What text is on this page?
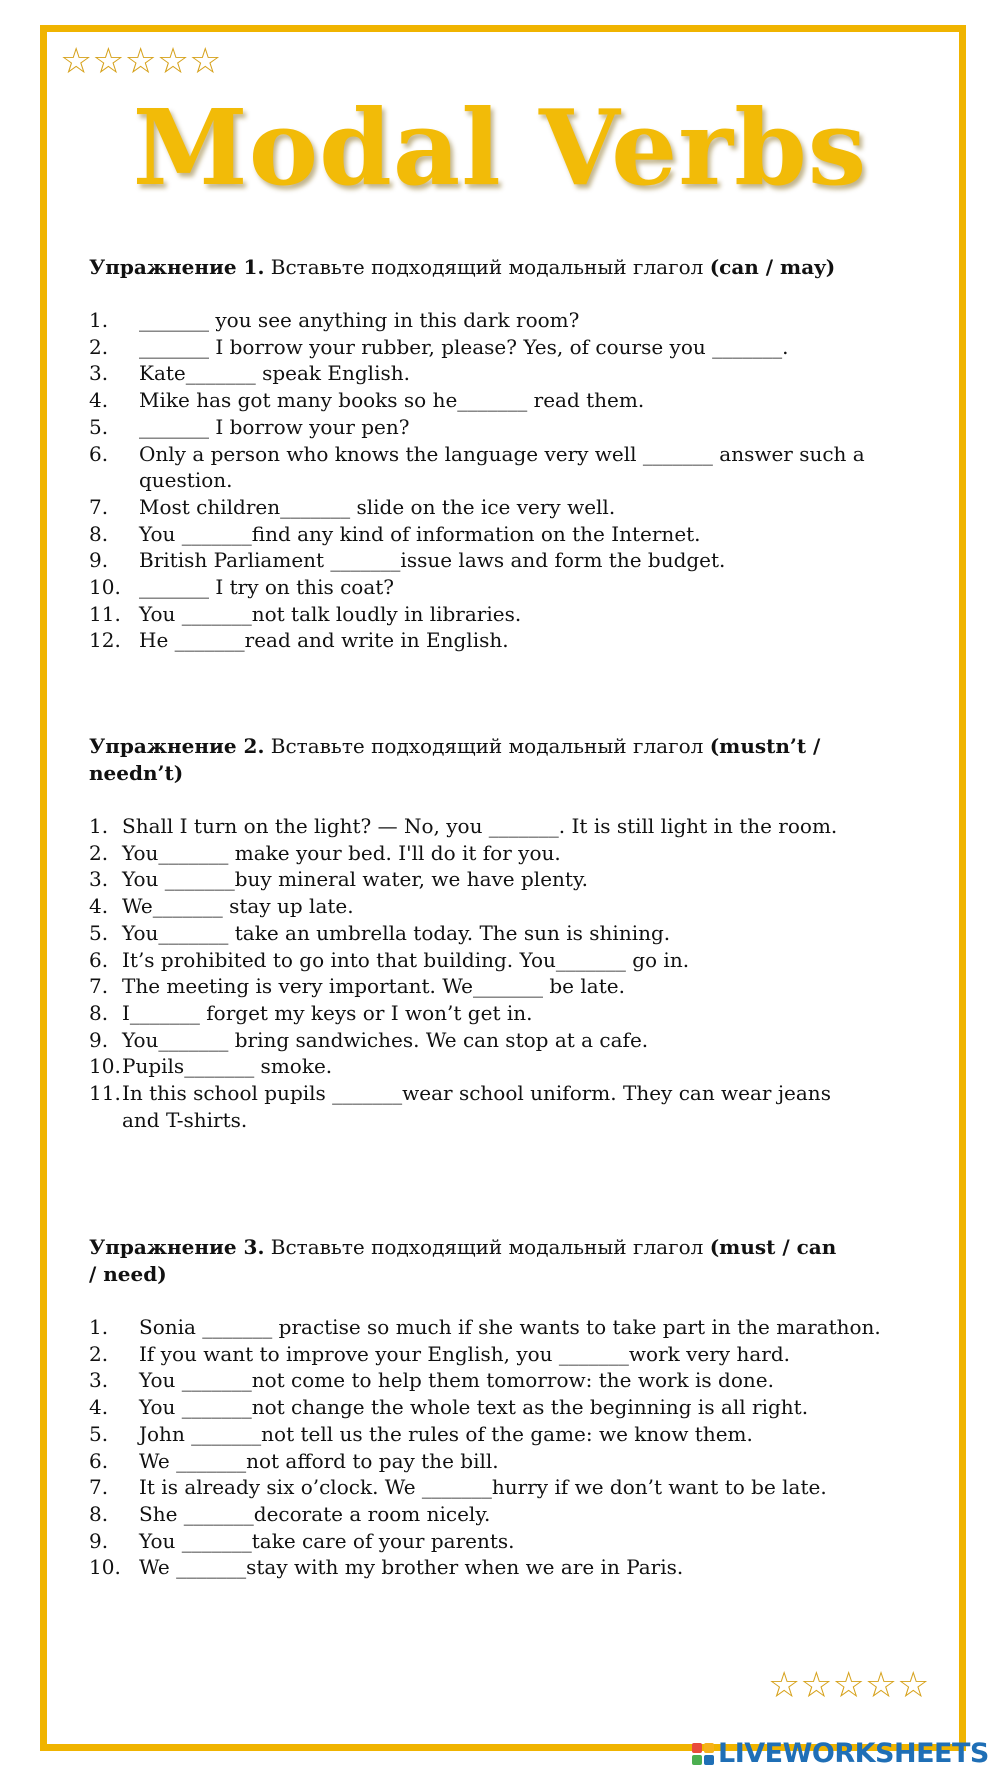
☆☆☆☆☆
Modal Verbs

Упражнение 1. Вставьте подходящий модальный глагол (can / may)

1.	_______ you see anything in this dark room?
2.	_______ I borrow your rubber, please? Yes, of course you _______.
3.	Kate_______ speak English.
4.	Mike has got many books so he_______ read them.
5.	_______ I borrow your pen?
6.	Only a person who knows the language very well _______ answer such a question.
7.	Most children_______ slide on the ice very well.
8.	You _______find any kind of information on the Internet.
9.	British Parliament _______issue laws and form the budget.
10. _______ I try on this coat?
11. You _______not talk loudly in libraries.
12. He _______read and write in English.

Упражнение 2. Вставьте подходящий модальный глагол (mustn’t / needn’t)

1. Shall I turn on the light? — No, you _______. It is still light in the room.
2. You_______ make your bed. I'll do it for you.
3. You _______buy mineral water, we have plenty.
4. We_______ stay up late.
5. You_______ take an umbrella today. The sun is shining.
6. It’s prohibited to go into that building. You_______ go in.
7. The meeting is very important. We_______ be late.
8. I_______ forget my keys or I won’t get in.
9. You_______ bring sandwiches. We can stop at a cafe.
10. Pupils_______ smoke.
11. In this school pupils _______wear school uniform. They can wear jeans and T-shirts.

Упражнение 3. Вставьте подходящий модальный глагол (must / can / need)

1.	Sonia _______ practise so much if she wants to take part in the marathon.
2.	If you want to improve your English, you _______work very hard.
3.	You _______not come to help them tomorrow: the work is done.
4.	You _______not change the whole text as the beginning is all right.
5.	John _______not tell us the rules of the game: we know them.
6.	We _______not afford to pay the bill.
7.	It is already six o’clock. We _______hurry if we don’t want to be late.
8.	She _______decorate a room nicely.
9.	You _______take care of your parents.
10. We _______stay with my brother when we are in Paris.
☆☆☆☆☆
LIVEWORKSHEETS
